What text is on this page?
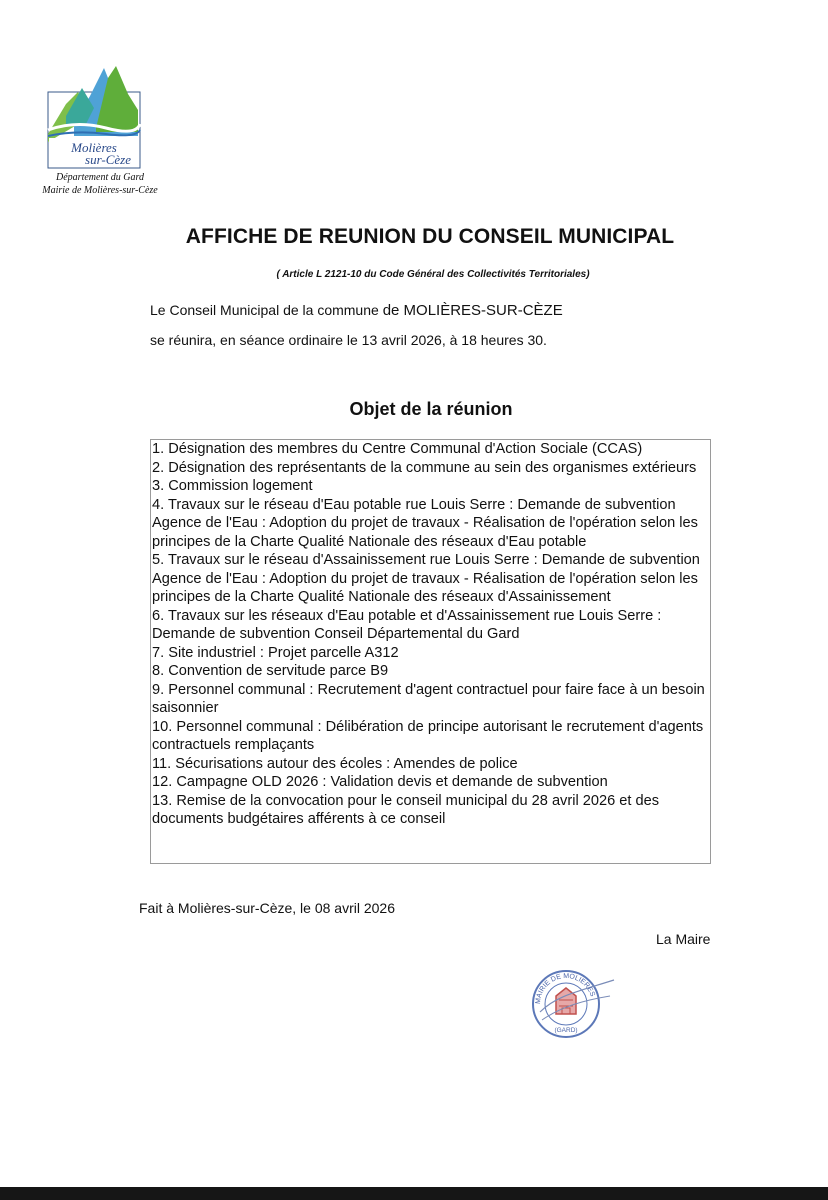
Molières
sur-Cèze
Département du Gard
Mairie de Molières-sur-Cèze
AFFICHE DE REUNION DU CONSEIL MUNICIPAL
( Article L 2121-10 du Code Général des Collectivités Territoriales)
Le Conseil Municipal de la commune de MOLIÈRES-SUR-CÈZE
se réunira, en séance ordinaire le 13 avril 2026, à 18 heures 30.
Objet de la réunion
1. Désignation des membres du Centre Communal d'Action Sociale (CCAS)
2. Désignation des représentants de la commune au sein des organismes extérieurs
3. Commission logement
4. Travaux sur le réseau d'Eau potable rue Louis Serre : Demande de subvention Agence de l'Eau : Adoption du projet de travaux - Réalisation de l'opération selon les principes de la Charte Qualité Nationale des réseaux d'Eau potable
5. Travaux sur le réseau d'Assainissement rue Louis Serre : Demande de subvention Agence de l'Eau : Adoption du projet de travaux - Réalisation de l'opération selon les principes de la Charte Qualité Nationale des réseaux d'Assainissement
6. Travaux sur les réseaux d'Eau potable et d'Assainissement rue Louis Serre : Demande de subvention Conseil Départemental du Gard
7. Site industriel : Projet parcelle A312
8. Convention de servitude parce B9
9. Personnel communal : Recrutement d'agent contractuel pour faire face à un besoin saisonnier
10. Personnel communal : Délibération de principe autorisant le recrutement d'agents contractuels remplaçants
11. Sécurisations autour des écoles : Amendes de police
12. Campagne OLD 2026 : Validation devis et demande de subvention
13. Remise de la convocation pour le conseil municipal du 28 avril 2026 et des documents budgétaires afférents à ce conseil
Fait à Molières-sur-Cèze, le 08 avril 2026
La Maire
MAIRIE DE MOLIERES
(GARD)
